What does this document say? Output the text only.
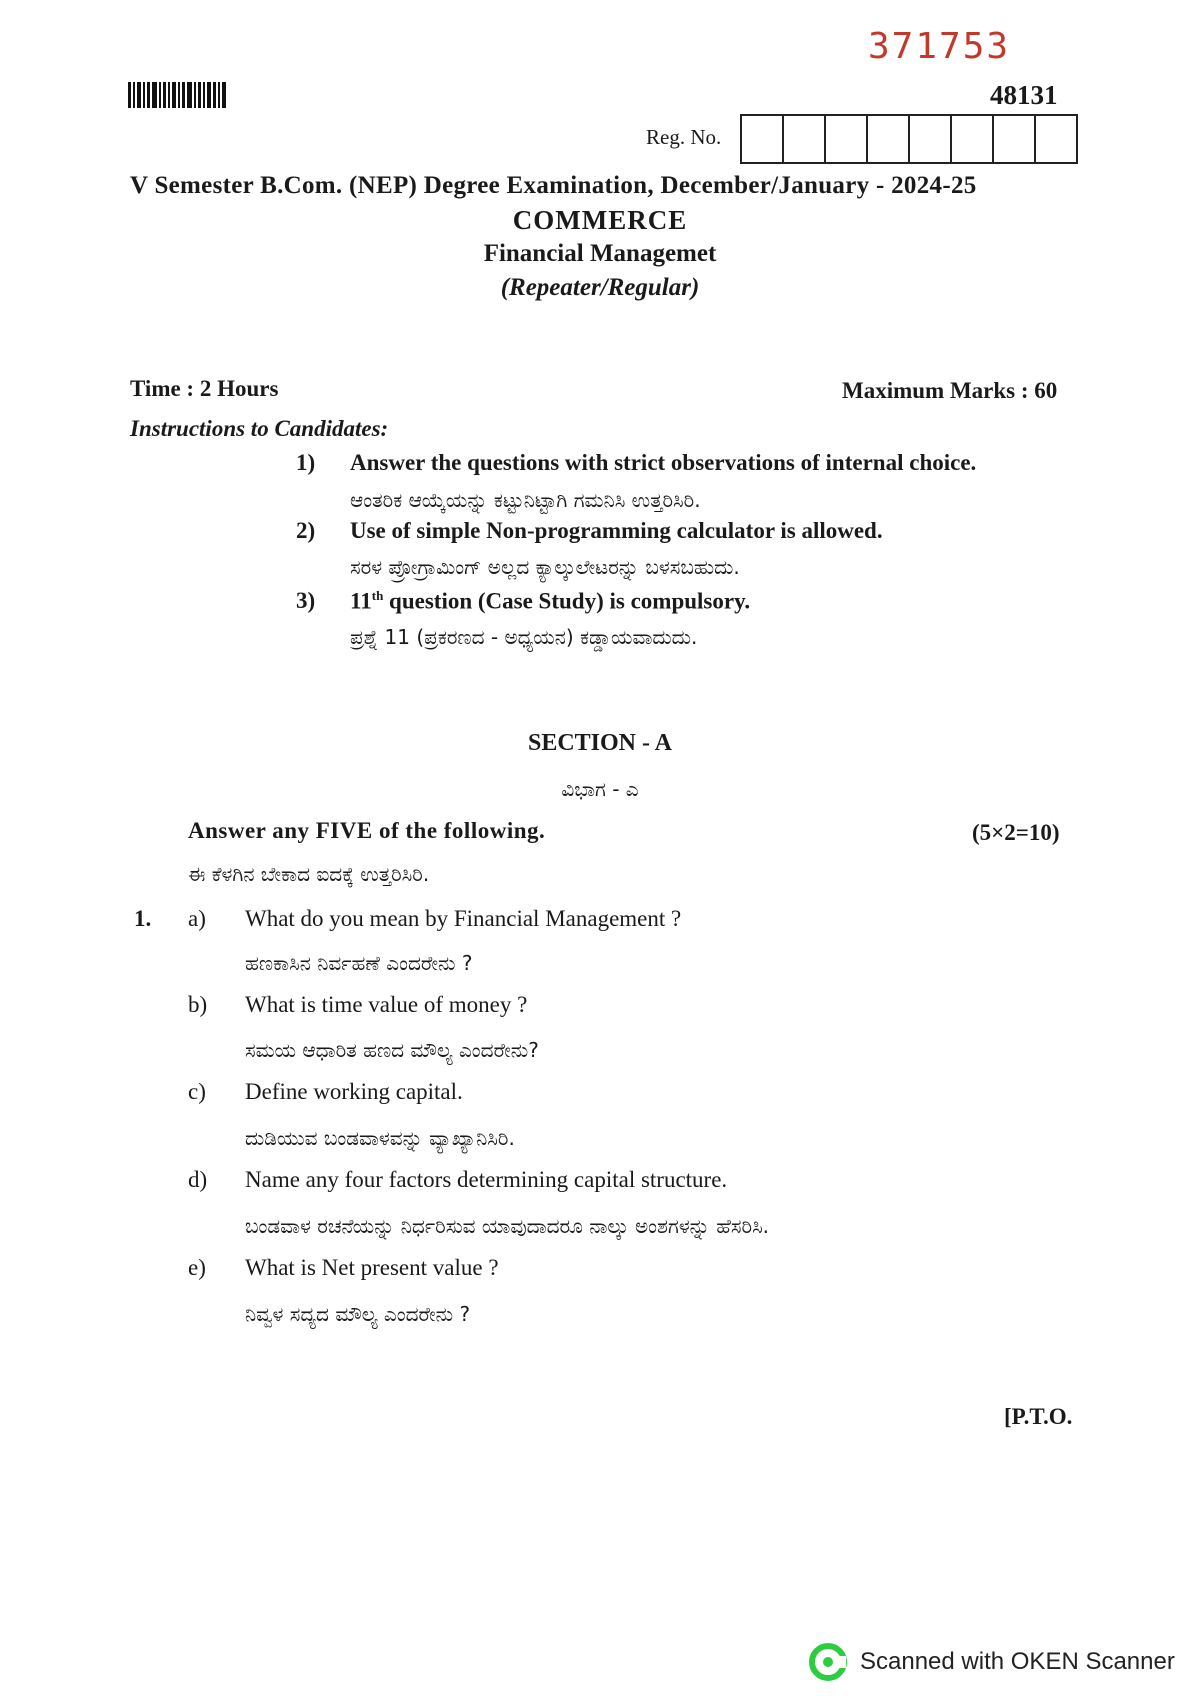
371753
48131
Reg. No.
V Semester B.Com. (NEP) Degree Examination, December/January - 2024-25
COMMERCE
Financial Managemet
(Repeater/Regular)
Time : 2 Hours	Maximum Marks : 60
Instructions to Candidates:
1) Answer the questions with strict observations of internal choice.
ಆಂತರಿಕ ಆಯ್ಕೆಯನ್ನು ಕಟ್ಟುನಿಟ್ಟಾಗಿ ಗಮನಿಸಿ ಉತ್ತರಿಸಿರಿ.
2) Use of simple Non-programming calculator is allowed.
ಸರಳ ಪ್ರೋಗ್ರಾಮಿಂಗ್ ಅಲ್ಲದ ಕ್ಯಾಲ್ಕುಲೇಟರನ್ನು ಬಳಸಬಹುದು.
3) 11th question (Case Study) is compulsory.
ಪ್ರಶ್ನೆ 11 (ಪ್ರಕರಣದ - ಅಧ್ಯಯನ) ಕಡ್ಡಾಯವಾದುದು.
SECTION - A
ವಿಭಾಗ - ಎ
Answer any FIVE of the following.	(5×2=10)
ಈ ಕೆಳಗಿನ ಬೇಕಾದ ಐದಕ್ಕೆ ಉತ್ತರಿಸಿರಿ.
1. a) What do you mean by Financial Management ?
ಹಣಕಾಸಿನ ನಿರ್ವಹಣೆ ಎಂದರೇನು ?
b) What is time value of money ?
ಸಮಯ ಆಧಾರಿತ ಹಣದ ಮೌಲ್ಯ ಎಂದರೇನು?
c) Define working capital.
ದುಡಿಯುವ ಬಂಡವಾಳವನ್ನು ವ್ಯಾಖ್ಯಾನಿಸಿರಿ.
d) Name any four factors determining capital structure.
ಬಂಡವಾಳ ರಚನೆಯನ್ನು ನಿರ್ಧರಿಸುವ ಯಾವುದಾದರೂ ನಾಲ್ಕು ಅಂಶಗಳನ್ನು ಹೆಸರಿಸಿ.
e) What is Net present value ?
ನಿವ್ವಳ ಸದ್ಯದ ಮೌಲ್ಯ ಎಂದರೇನು ?
[P.T.O.
Scanned with OKEN Scanner
